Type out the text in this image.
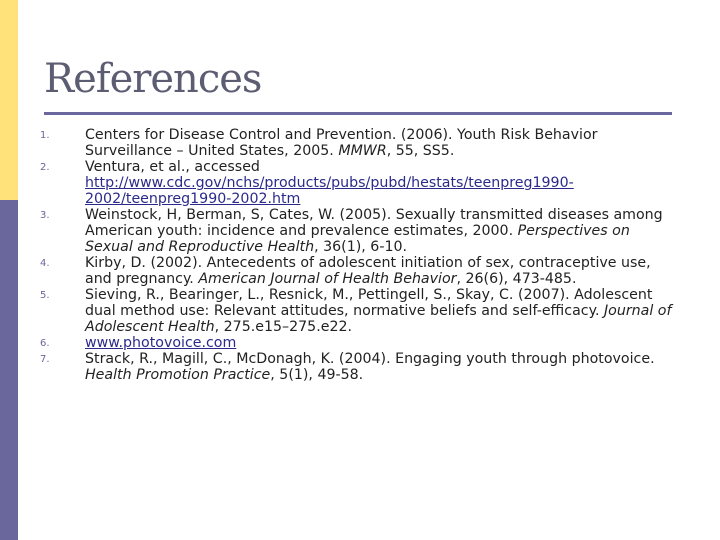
References
1.	Centers for Disease Control and Prevention. (2006). Youth Risk Behavior Surveillance – United States, 2005. MMWR, 55, SS5.
2.	Ventura, et al., accessed http://www.cdc.gov/nchs/products/pubs/pubd/hestats/teenpreg1990-2002/teenpreg1990-2002.htm
3.	Weinstock, H, Berman, S, Cates, W. (2005). Sexually transmitted diseases among American youth: incidence and prevalence estimates, 2000. Perspectives on Sexual and Reproductive Health, 36(1), 6-10.
4.	Kirby, D. (2002). Antecedents of adolescent initiation of sex, contraceptive use, and pregnancy. American Journal of Health Behavior, 26(6), 473-485.
5.	Sieving, R., Bearinger, L., Resnick, M., Pettingell, S., Skay, C. (2007). Adolescent dual method use: Relevant attitudes, normative beliefs and self-efficacy. Journal of Adolescent Health, 275.e15–275.e22.
6.	www.photovoice.com
7.	Strack, R., Magill, C., McDonagh, K. (2004). Engaging youth through photovoice. Health Promotion Practice, 5(1), 49-58.
